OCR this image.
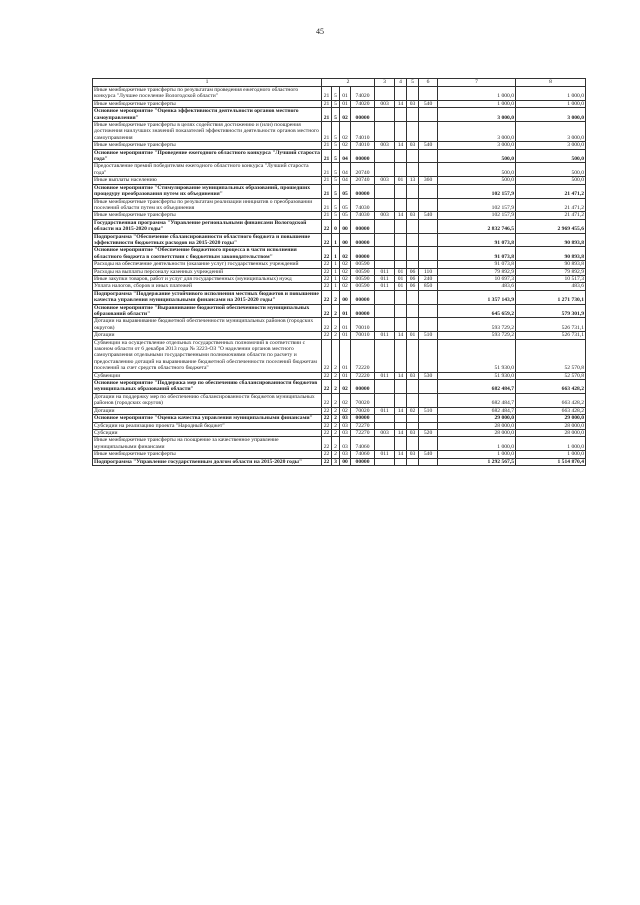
45
1	2				3	4	5	6	7	8
Иные межбюджетные трансферты по результатам проведения ежегодного областного конкурса "Лучшее поселение Вологодской области"	21	5	01	74020					1 000,0	1 000,0
Иные межбюджетные трансферты	21	5	01	74020	003	14	03	540	1 000,0	1 000,0
Основное мероприятие "Оценка эффективности деятельности органов местного самоуправления"	21	5	02	00000					3 000,0	3 000,0
Иные межбюджетные трансферты в целях содействия достижению и (или) поощрения достижения наилучших значений показателей эффективности деятельности органов местного самоуправления	21	5	02	74010					3 000,0	3 000,0
Иные межбюджетные трансферты	21	5	02	74010	003	14	03	540	3 000,0	3 000,0
Основное мероприятие "Проведение ежегодного областного конкурса "Лучший староста года"	21	5	04	00000					500,0	500,0
Предоставление премий победителям ежегодного областного конкурса "Лучший староста года"	21	5	04	20740					500,0	500,0
Иные выплаты населению	21	5	04	20740	003	01	13	360	500,0	500,0
Основное мероприятие "Стимулирование муниципальных образований, прошедших процедуру преобразования путем их объединения"	21	5	05	00000					102 157,9	21 471,2
Иные межбюджетные трансферты по результатам реализации инициатив о преобразовании поселений области путем их объединения	21	5	05	74030					102 157,9	21 471,2
Иные межбюджетные трансферты	21	5	05	74030	003	14	03	540	102 157,9	21 471,2
Государственная программа "Управление региональными финансами Вологодской области на 2015-2020 годы"	22	0	00	00000					2 832 746,5	2 969 455,6
Подпрограмма "Обеспечение сбалансированности областного бюджета и повышение эффективности бюджетных расходов на 2015-2020 годы"	22	1	00	00000					91 073,8	90 893,8
Основное мероприятие "Обеспечение бюджетного процесса в части исполнения областного бюджета в соответствии с бюджетным законодательством"	22	1	02	00000					91 073,8	90 893,8
Расходы на обеспечение деятельности (оказание услуг) государственных учреждений	22	1	02	00590					91 073,8	90 893,8
Расходы на выплаты персоналу казенных учреждений	22	1	02	00590	011	01	06	110	79 892,9	79 892,9
Иные закупки товаров, работ и услуг для государственных (муниципальных) нужд	22	1	02	00590	011	01	06	240	10 697,3	10 517,3
Уплата налогов, сборов и иных платежей	22	1	02	00590	011	01	06	850	483,6	483,6
Подпрограмма "Поддержание устойчивого исполнения местных бюджетов и повышение качества управления муниципальными финансами на 2015-2020 годы"	22	2	00	00000					1 357 143,9	1 271 730,1
Основное мероприятие "Выравнивание бюджетной обеспеченности муниципальных образований области"	22	2	01	00000					645 659,2	579 301,9
Дотации на выравнивание бюджетной обеспеченности муниципальных районов (городских округов)	22	2	01	70010					593 729,2	526 731,1
Дотации	22	2	01	70010	011	14	01	510	593 729,2	526 731,1
Субвенции на осуществление отдельных государственных полномочий в соответствии с законом области от 6 декабря 2013 года № 3223-ОЗ "О наделении органов местного самоуправления отдельными государственными полномочиями области по расчету и предоставлению дотаций на выравнивание бюджетной обеспеченности поселений бюджетам поселений за счет средств областного бюджета"	22	2	01	72220					51 930,0	52 570,8
Субвенции	22	2	01	72220	011	14	03	530	51 930,0	52 570,8
Основное мероприятие "Поддержка мер по обеспечению сбалансированности бюджетов муниципальных образований области"	22	2	02	00000					682 484,7	663 428,2
Дотации на поддержку мер по обеспечению сбалансированности бюджетов муниципальных районов (городских округов)	22	2	02	70020					682 484,7	663 428,2
Дотации	22	2	02	70020	011	14	02	510	682 484,7	663 428,2
Основное мероприятие "Оценка качества управления муниципальными финансами"	22	2	03	00000					29 000,0	29 000,0
Субсидии на реализацию проекта "Народный бюджет"	22	2	03	72270					28 000,0	28 000,0
Субсидии	22	2	03	72270	003	14	03	520	28 000,0	28 000,0
Иные межбюджетные трансферты на поощрение за качественное управление муниципальными финансами	22	2	03	74060					1 000,0	1 000,0
Иные межбюджетные трансферты	22	2	03	74060	011	14	03	540	1 000,0	1 000,0
Подпрограмма "Управление государственным долгом области на 2015-2020 годы"	22	3	00	00000					1 292 567,5	1 514 870,4
